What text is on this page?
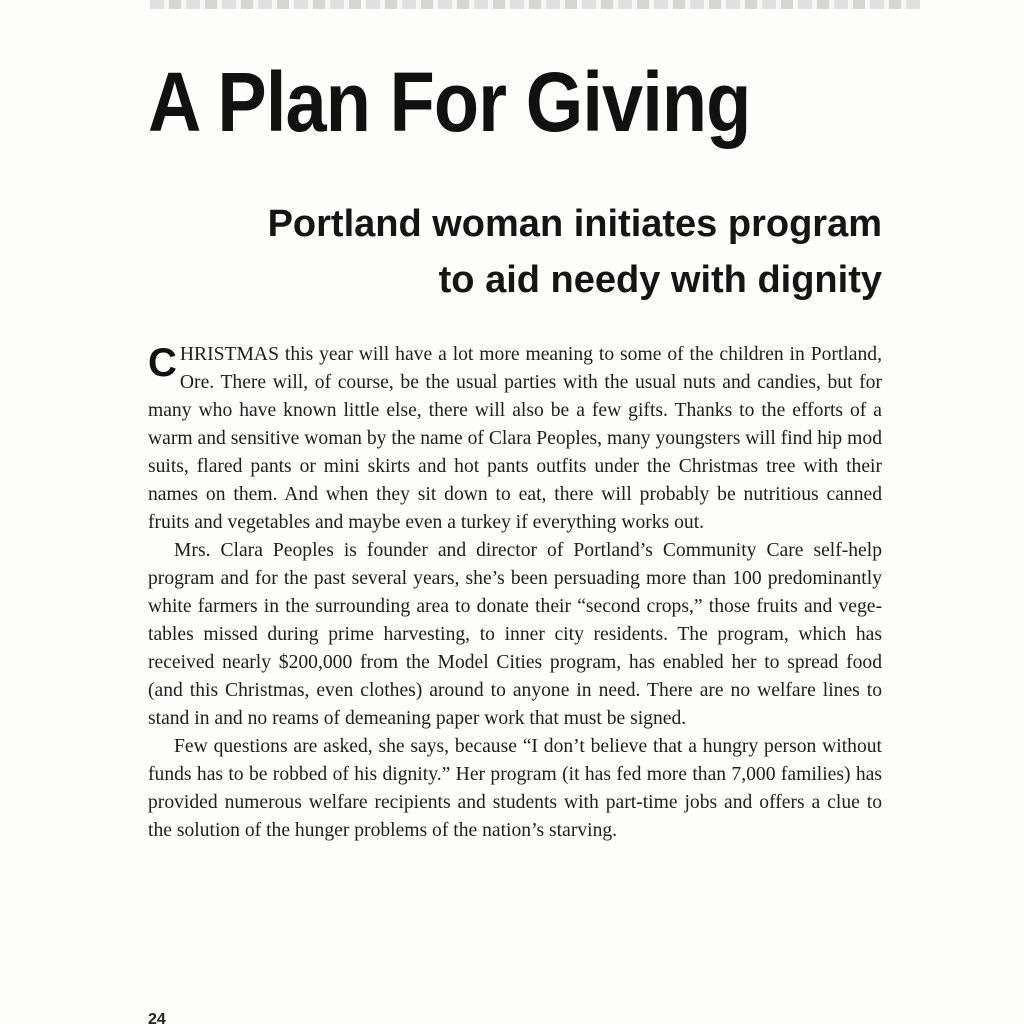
A Plan For Giving
Portland woman initiates program
to aid needy with dignity

CHRISTMAS this year will have a lot more meaning to some of the children in Portland, Ore. There will, of course, be the usual parties with the usual nuts and candies, but for many who have known little else, there will also be a few gifts. Thanks to the efforts of a warm and sensitive woman by the name of Clara Peoples, many youngsters will find hip mod suits, flared pants or mini skirts and hot pants outfits under the Christmas tree with their names on them. And when they sit down to eat, there will probably be nutritious canned fruits and vegetables and maybe even a turkey if everything works out.

Mrs. Clara Peoples is founder and director of Portland’s Community Care self-help program and for the past several years, she’s been persuading more than 100 predominantly white farmers in the surrounding area to donate their “second crops,” those fruits and vegetables missed during prime harvesting, to inner city residents. The program, which has received nearly $200,000 from the Model Cities program, has enabled her to spread food (and this Christmas, even clothes) around to anyone in need. There are no welfare lines to stand in and no reams of demeaning paper work that must be signed.

Few questions are asked, she says, because “I don’t believe that a hungry person without funds has to be robbed of his dignity.” Her program (it has fed more than 7,000 families) has provided numerous welfare recipients and students with part-time jobs and offers a clue to the solution of the hunger problems of the nation’s starving.

24
